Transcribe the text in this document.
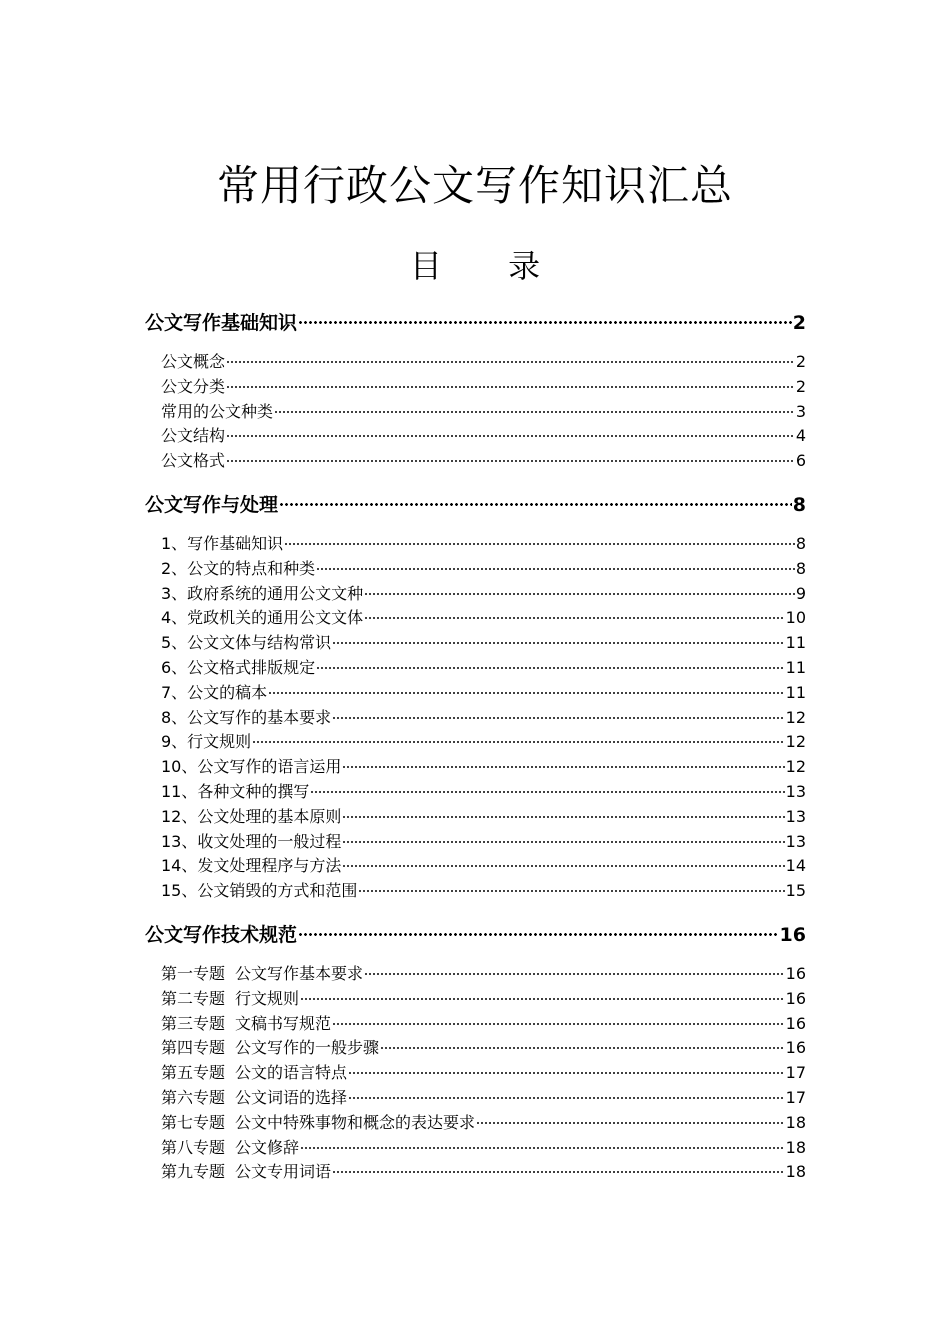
常用行政公文写作知识汇总
目 录
公文写作基础知识	2
公文概念	2
公文分类	2
常用的公文种类	3
公文结构	4
公文格式	6
公文写作与处理	8
1、写作基础知识	8
2、公文的特点和种类	8
3、政府系统的通用公文文种	9
4、党政机关的通用公文文体	10
5、公文文体与结构常识	11
6、公文格式排版规定	11
7、公文的稿本	11
8、公文写作的基本要求	12
9、行文规则	12
10、公文写作的语言运用	12
11、各种文种的撰写	13
12、公文处理的基本原则	13
13、收文处理的一般过程	13
14、发文处理程序与方法	14
15、公文销毁的方式和范围	15
公文写作技术规范	16
第一专题 公文写作基本要求	16
第二专题 行文规则	16
第三专题 文稿书写规范	16
第四专题 公文写作的一般步骤	16
第五专题 公文的语言特点	17
第六专题 公文词语的选择	17
第七专题 公文中特殊事物和概念的表达要求	18
第八专题 公文修辞	18
第九专题 公文专用词语	18
